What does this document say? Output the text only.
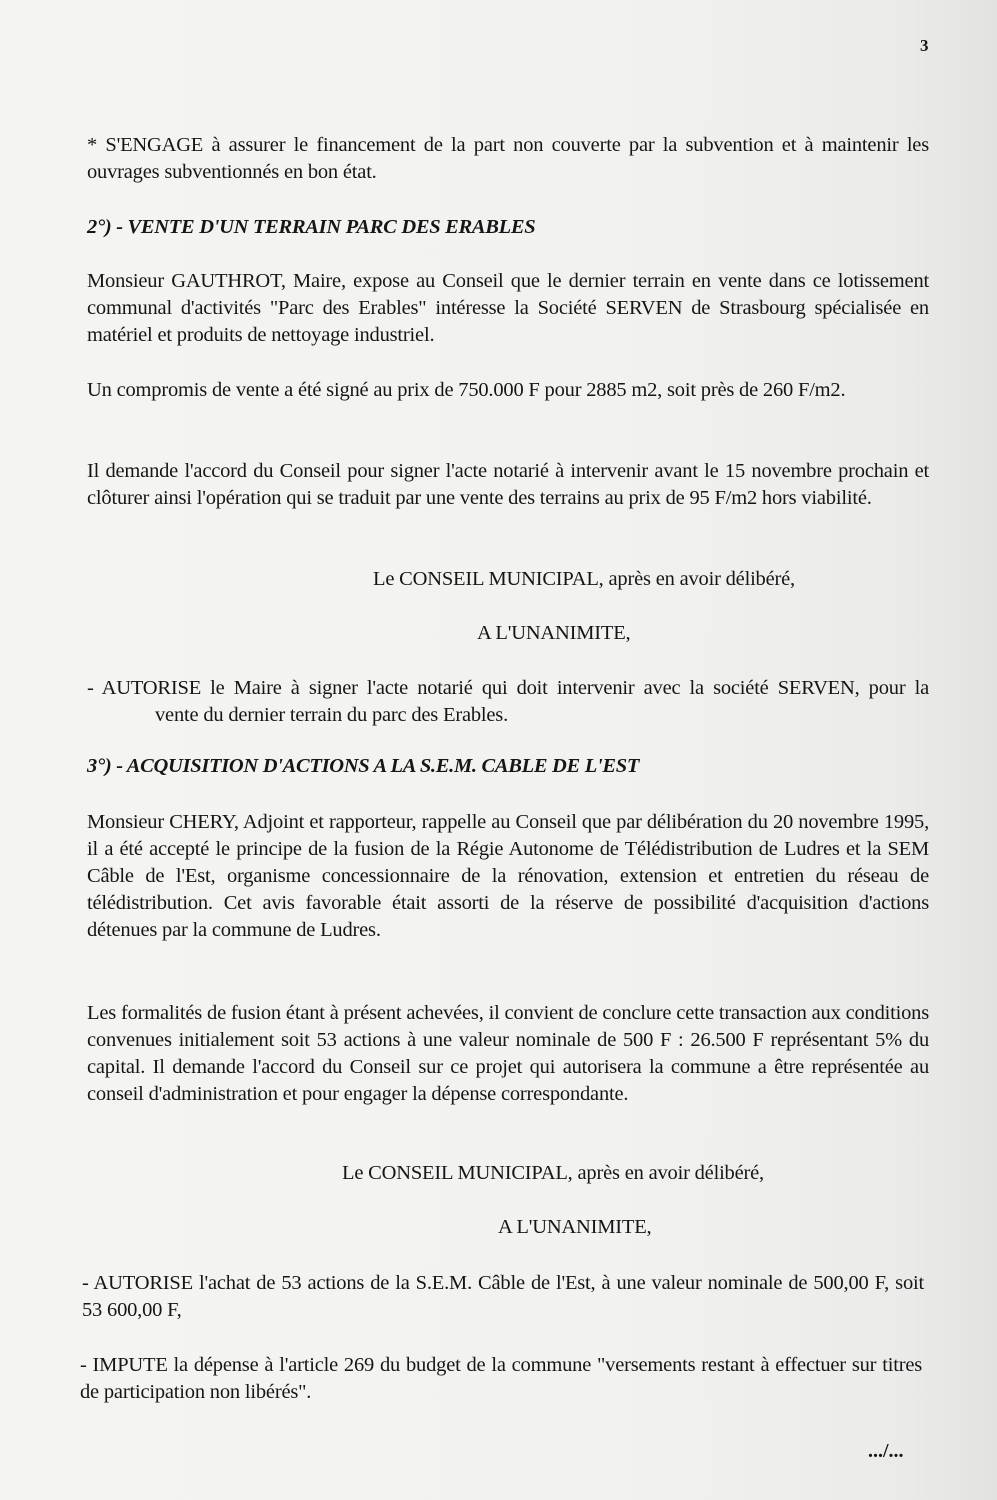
3
* S'ENGAGE à assurer le financement de la part non couverte par la subvention et à maintenir les ouvrages subventionnés en bon état.
2°) - VENTE D'UN TERRAIN PARC DES ERABLES
Monsieur GAUTHROT, Maire, expose au Conseil que le dernier terrain en vente dans ce lotissement communal d'activités "Parc des Erables" intéresse la Société SERVEN de Strasbourg spécialisée en matériel et produits de nettoyage industriel.
Un compromis de vente a été signé au prix de 750.000 F pour 2885 m2, soit près de 260 F/m2.
Il demande l'accord du Conseil pour signer l'acte notarié à intervenir avant le 15 novembre prochain et clôturer ainsi l'opération qui se traduit par une vente des terrains au prix de 95 F/m2 hors viabilité.
Le CONSEIL MUNICIPAL, après en avoir délibéré,
A L'UNANIMITE,
- AUTORISE le Maire à signer l'acte notarié qui doit intervenir avec la société SERVEN, pour lavente du dernier terrain du parc des Erables.
3°) - ACQUISITION D'ACTIONS A LA S.E.M. CABLE DE L'EST
Monsieur CHERY, Adjoint et rapporteur, rappelle au Conseil que par délibération du 20 novembre 1995, il a été accepté le principe de la fusion de la Régie Autonome de Télédistribution de Ludres et la SEM Câble de l'Est, organisme concessionnaire de la rénovation, extension et entretien du réseau de télédistribution. Cet avis favorable était assorti de la réserve de possibilité d'acquisition d'actions détenues par la commune de Ludres.
Les formalités de fusion étant à présent achevées, il convient de conclure cette transaction aux conditions convenues initialement soit 53 actions à une valeur nominale de 500 F : 26.500 F représentant 5% du capital. Il demande l'accord du Conseil sur ce projet qui autorisera la commune a être représentée au conseil d'administration et pour engager la dépense correspondante.
Le CONSEIL MUNICIPAL, après en avoir délibéré,
A L'UNANIMITE,
- AUTORISE l'achat de 53 actions de la S.E.M. Câble de l'Est, à une valeur nominale de 500,00 F, soit 53 600,00 F,
- IMPUTE la dépense à l'article 269 du budget de la commune "versements restant à effectuer sur titres de participation non libérés".
.../...
